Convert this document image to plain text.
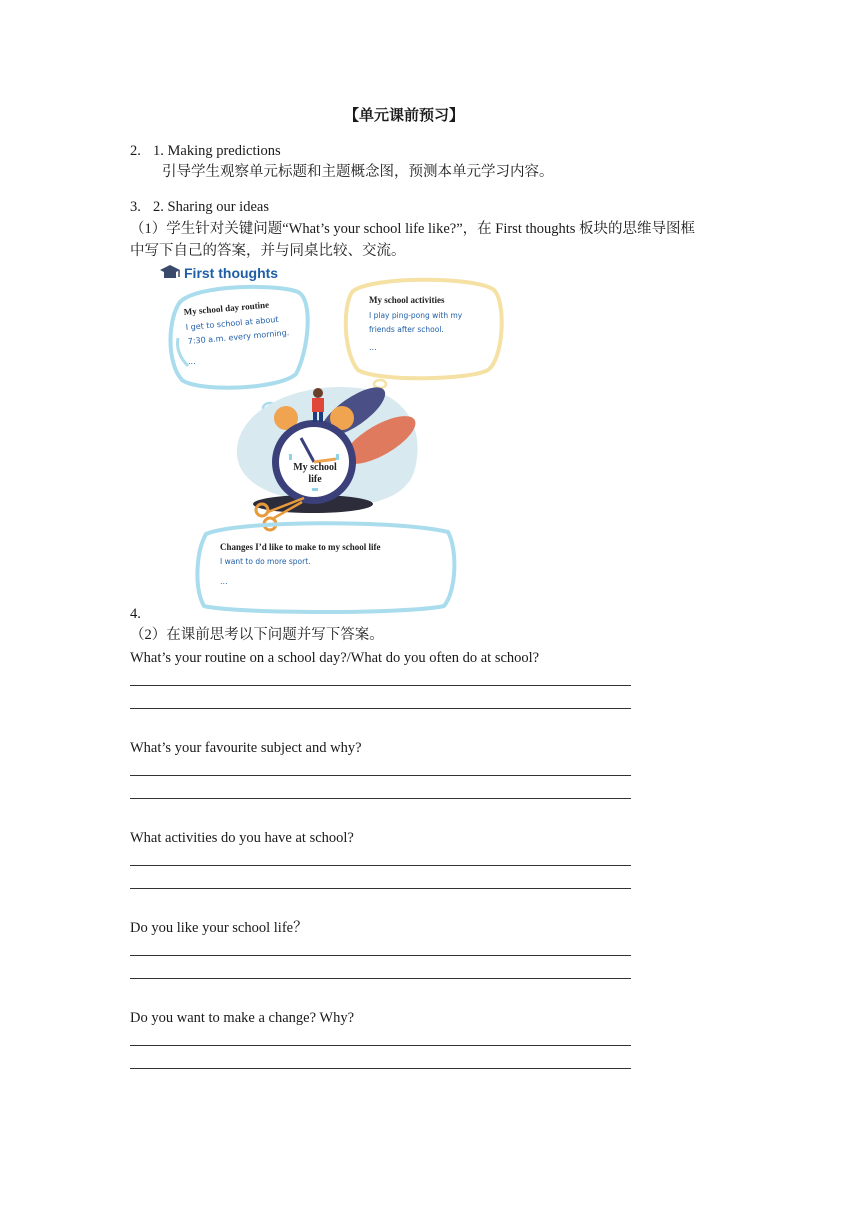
【单元课前预习】
2. 1. Making predictions
引导学生观察单元标题和主题概念图，预测本单元学习内容。
3. 2. Sharing our ideas
（1）学生针对关键问题“What’s your school life like?”，在 First thoughts 板块的思维导图框
中写下自己的答案，并与同桌比较、交流。
First thoughts
My school day routine
I get to school at about
7:30 a.m. every morning.
...
My school activities
I play ping-pong with my
friends after school.
...
My school
life
Changes I’d like to make to my school life
I want to do more sport.
...
4.
（2）在课前思考以下问题并写下答案。
What’s your routine on a school day?/What do you often do at school?
What’s your favourite subject and why?
What activities do you have at school?
Do you like your school life？
Do you want to make a change? Why?
